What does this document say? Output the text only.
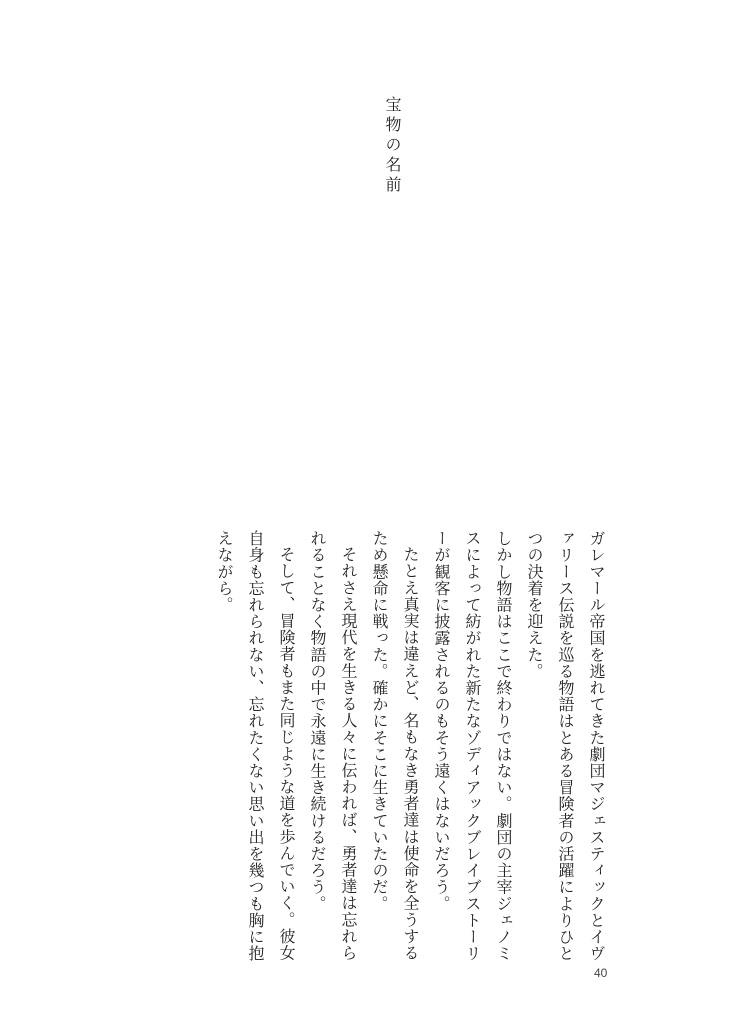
宝物の名前

ガレマール帝国を逃れてきた劇団マジェスティックとイヴァリース伝説を巡る物語はとある冒険者の活躍によりひとつの決着を迎えた。

しかし物語はここで終わりではない。劇団の主宰ジェノミスによって紡がれた新たなゾディアックブレイブストーリーが観客に披露されるのもそう遠くはないだろう。

たとえ真実は違えど、名もなき勇者達は使命を全うするため懸命に戦った。確かにそこに生きていたのだ。

それさえ現代を生きる人々に伝われば、勇者達は忘れられることなく物語の中で永遠に生き続けるだろう。

そして、冒険者もまた同じような道を歩んでいく。彼女自身も忘れられない、忘れたくない思い出を幾つも胸に抱えながら。

40
